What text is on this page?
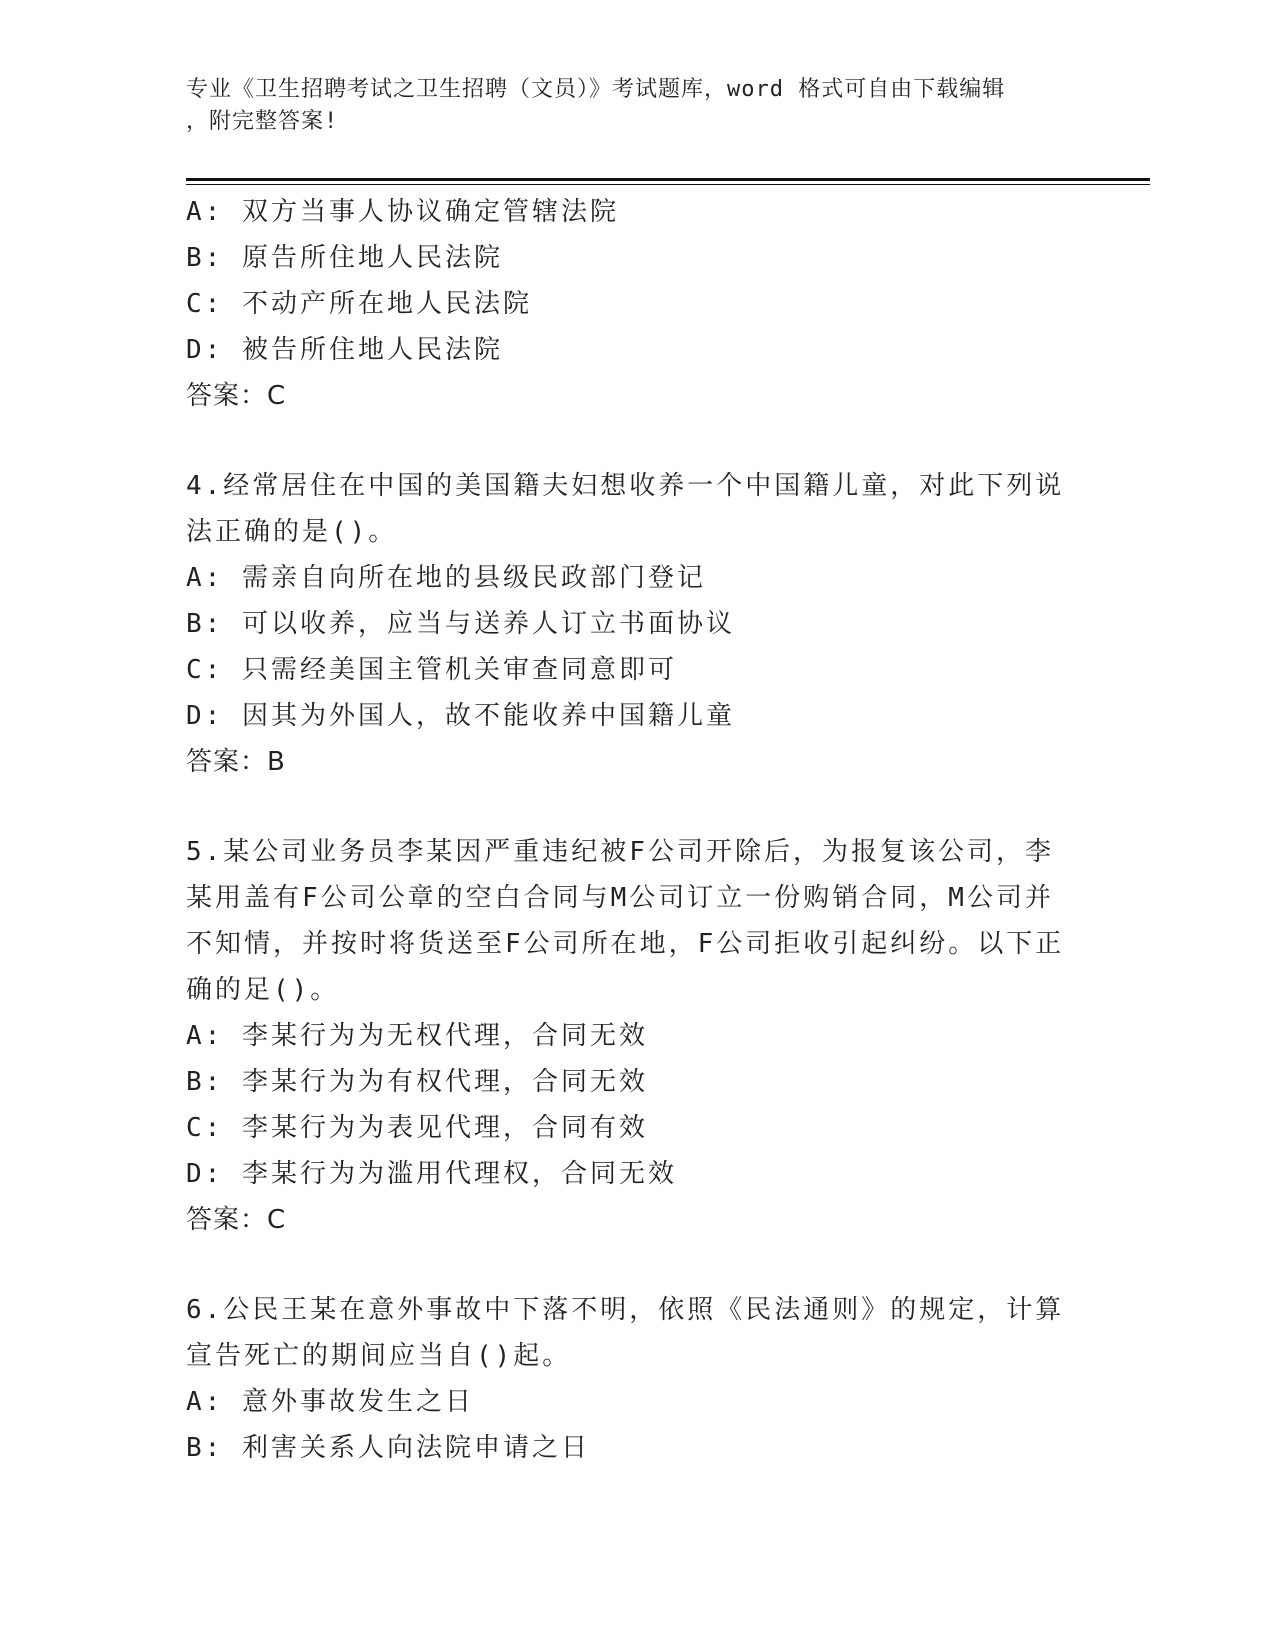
专业《卫生招聘考试之卫生招聘（文员）》考试题库，word 格式可自由下载编辑
，附完整答案!
A: 双方当事人协议确定管辖法院
B: 原告所住地人民法院
C: 不动产所在地人民法院
D: 被告所住地人民法院
答案：C
4.经常居住在中国的美国籍夫妇想收养一个中国籍儿童，对此下列说
法正确的是()。
A: 需亲自向所在地的县级民政部门登记
B: 可以收养，应当与送养人订立书面协议
C: 只需经美国主管机关审查同意即可
D: 因其为外国人，故不能收养中国籍儿童
答案：B
5.某公司业务员李某因严重违纪被F公司开除后，为报复该公司，李
某用盖有F公司公章的空白合同与M公司订立一份购销合同，M公司并
不知情，并按时将货送至F公司所在地，F公司拒收引起纠纷。以下正
确的足()。
A: 李某行为为无权代理，合同无效
B: 李某行为为有权代理，合同无效
C: 李某行为为表见代理，合同有效
D: 李某行为为滥用代理权，合同无效
答案：C
6.公民王某在意外事故中下落不明，依照《民法通则》的规定，计算
宣告死亡的期间应当自()起。
A: 意外事故发生之日
B: 利害关系人向法院申请之日
